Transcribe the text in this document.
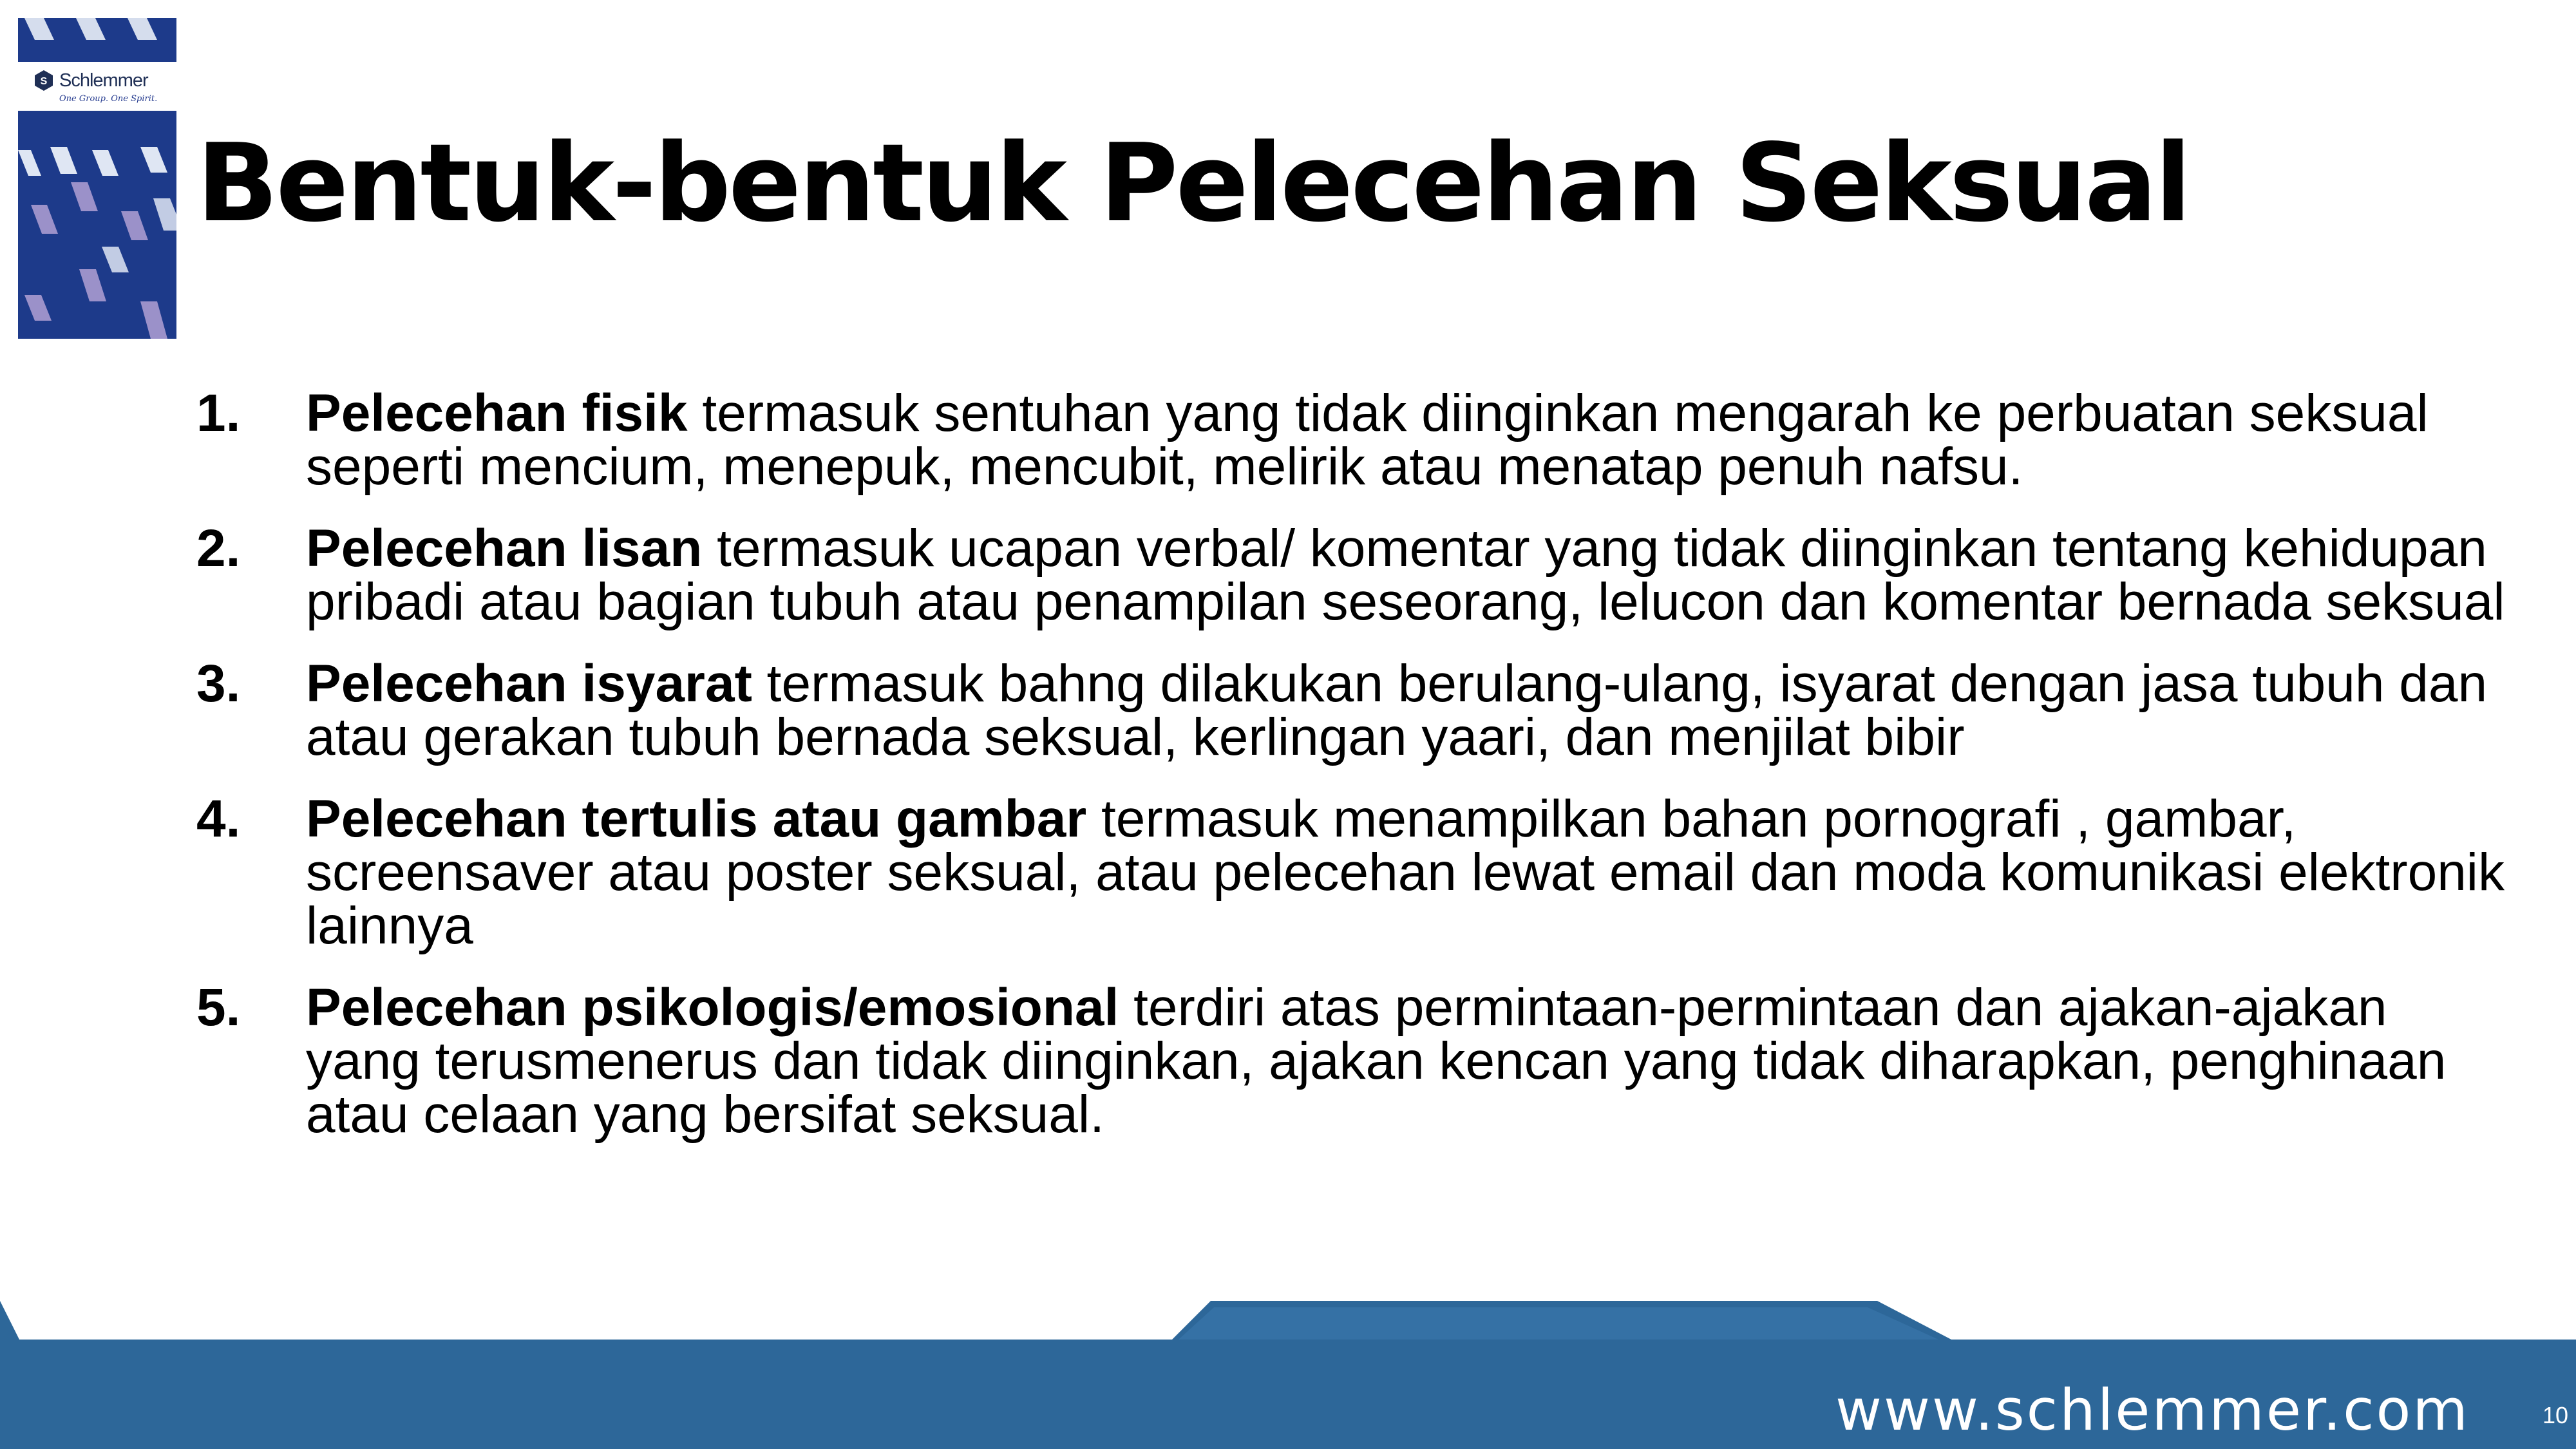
S Schlemmer
One Group. One Spirit.
Bentuk-bentuk Pelecehan Seksual
1.	Pelecehan fisik termasuk sentuhan yang tidak diinginkan mengarah ke perbuatan seksual seperti mencium, menepuk, mencubit, melirik atau menatap penuh nafsu.
2.	Pelecehan lisan termasuk ucapan verbal/ komentar yang tidak diinginkan tentang kehidupan pribadi atau bagian tubuh atau penampilan seseorang, lelucon dan komentar bernada seksual
3.	Pelecehan isyarat termasuk bahng dilakukan berulang-ulang, isyarat dengan jasa tubuh dan atau gerakan tubuh bernada seksual, kerlingan yaari, dan menjilat bibir
4.	Pelecehan tertulis atau gambar termasuk menampilkan bahan pornografi , gambar, screensaver atau poster seksual, atau pelecehan lewat email dan moda komunikasi elektronik lainnya
5.	Pelecehan psikologis/emosional terdiri atas permintaan-permintaan dan ajakan-ajakan yang terusmenerus dan tidak diinginkan, ajakan kencan yang tidak diharapkan, penghinaan atau celaan yang bersifat seksual.
www.schlemmer.com	10
